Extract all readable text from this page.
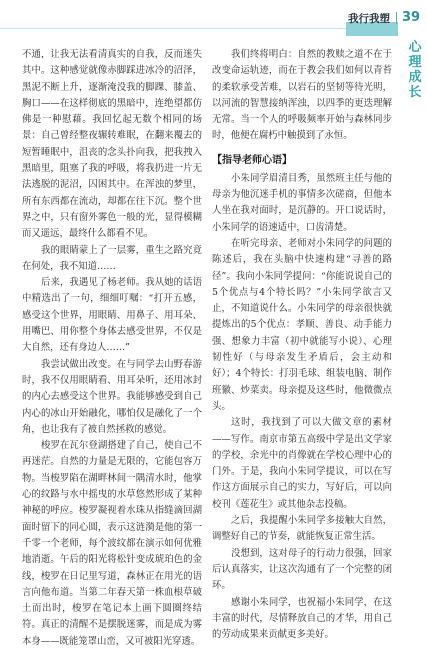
我行我塑 39
心
理
成
长

不通，让我无法看清真实的自我，反而迷失其中。这种感觉就像赤脚踩进冰冷的沼泽，黑泥不断上升，逐渐淹没我的脚踝、膝盖、胸口——在这样彻底的黑暗中，连绝望都仿佛是一种慰藉。我回忆起无数个相同的场景：自己曾经整夜辗转难眠，在翻来覆去的短暂睡眠中，沮丧的念头扑向我，把我拽入黑暗里，阻塞了我的呼吸，将我扔进一片无法逃脱的泥沼，囚困其中。在浑浊的梦里，所有东西都在流动，却都在往下沉。整个世界之中，只有窗外雾色一般的光，显得模糊而又遥远，最终什么都看不见。

我的眼睛蒙上了一层雾，重生之路究竟在何处，我不知道……

后来，我遇见了杨老师。我从她的话语中精选出了一句，细细叮嘱：“打开五感，感受这个世界，用眼睛、用鼻子、用耳朵、用嘴巴、用你整个身体去感受世界，不仅是大自然，还有身边人……”

我尝试做出改变。在与同学去山野春游时，我不仅用眼睛看、用耳朵听，还用冰封的内心去感受这个世界。我能够感受到自己内心的冰山开始融化，哪怕仅是融化了一个角，也让我有了被自然拯救的感觉。

梭罗在瓦尔登湖搭建了自己，使自己不再迷茫。自然的力量是无限的，它能包容万物。当梭罗陷在湖畔林间一隅清水时，他掌心的纹路与水中摇曳的水草悠然形成了某种神秘的呼应。梭罗凝视着水珠从指缝滴回湖面时留下的同心圆，表示这涟漪是他的第一千零一个老师，每个波纹都在演示如何优雅地消逝。午后的阳光将松针变成琥珀色的金线，梭罗在日记里写道，森林正在用光的语言向他布道。当第二年春天第一株血根草破土而出时，梭罗在笔记本上画下圆圈终结符。真正的清醒不是摆脱迷雾，而是成为雾本身——既能笼罩山峦，又可被阳光穿透。

我们终将明白：自然的教赎之道不在于改变命运轨迹，而在于教会我们如何以青苔的柔软承受苦难，以岩石的坚韧等待光明，以河流的智慧接纳浑浊，以四季的更迭理解无常。当一个人的呼吸频率开始与森林同步时，他便在腐朽中触摸到了永恒。

【指导老师心语】

小朱同学眉清目秀，虽然班主任与他的母亲为他沉迷手机的事情多次磋商，但他本人坐在我对面时，是沉静的。开口说话时，小朱同学的语速适中，口齿清楚。

在听完母亲、老师对小朱同学的问题的陈述后，我在头脑中快速构建“寻善的路径”。我向小朱同学提问：“你能说说自己的5个优点与4个特长吗？”小朱同学欲言又止，不知道说什么。小朱同学的母亲很快就提炼出的5个优点：孝顺、善良、动手能力强、想象力丰富（初中就能写小说）、心理韧性好（与母亲发生矛盾后，会主动和好）；4个特长：打羽毛球、组装电脑、制作班徽、炒菜卖。母亲提及这些时，他微微点头。

这时，我找到了可以大做文章的素材——写作。南京市第五高级中学是出文学家的学校，余光中的肖像就在学校心理中心的门外。于是，我向小朱同学提议，可以在写作这方面展示自己的实力，写好后，可以向校刊《莲花生》或其他杂志投稿。

之后，我提醒小朱同学多接触大自然，调整好自己的节奏，就能恢复正常生活。

没想到，这对母子的行动力很强，回家后认真落实，让这次沟通有了一个完整的闭环。

感谢小朱同学，也祝福小朱同学，在这丰富的时代，尽情释放自己的才华，用自己的劳动成果来贡献更多美好。
